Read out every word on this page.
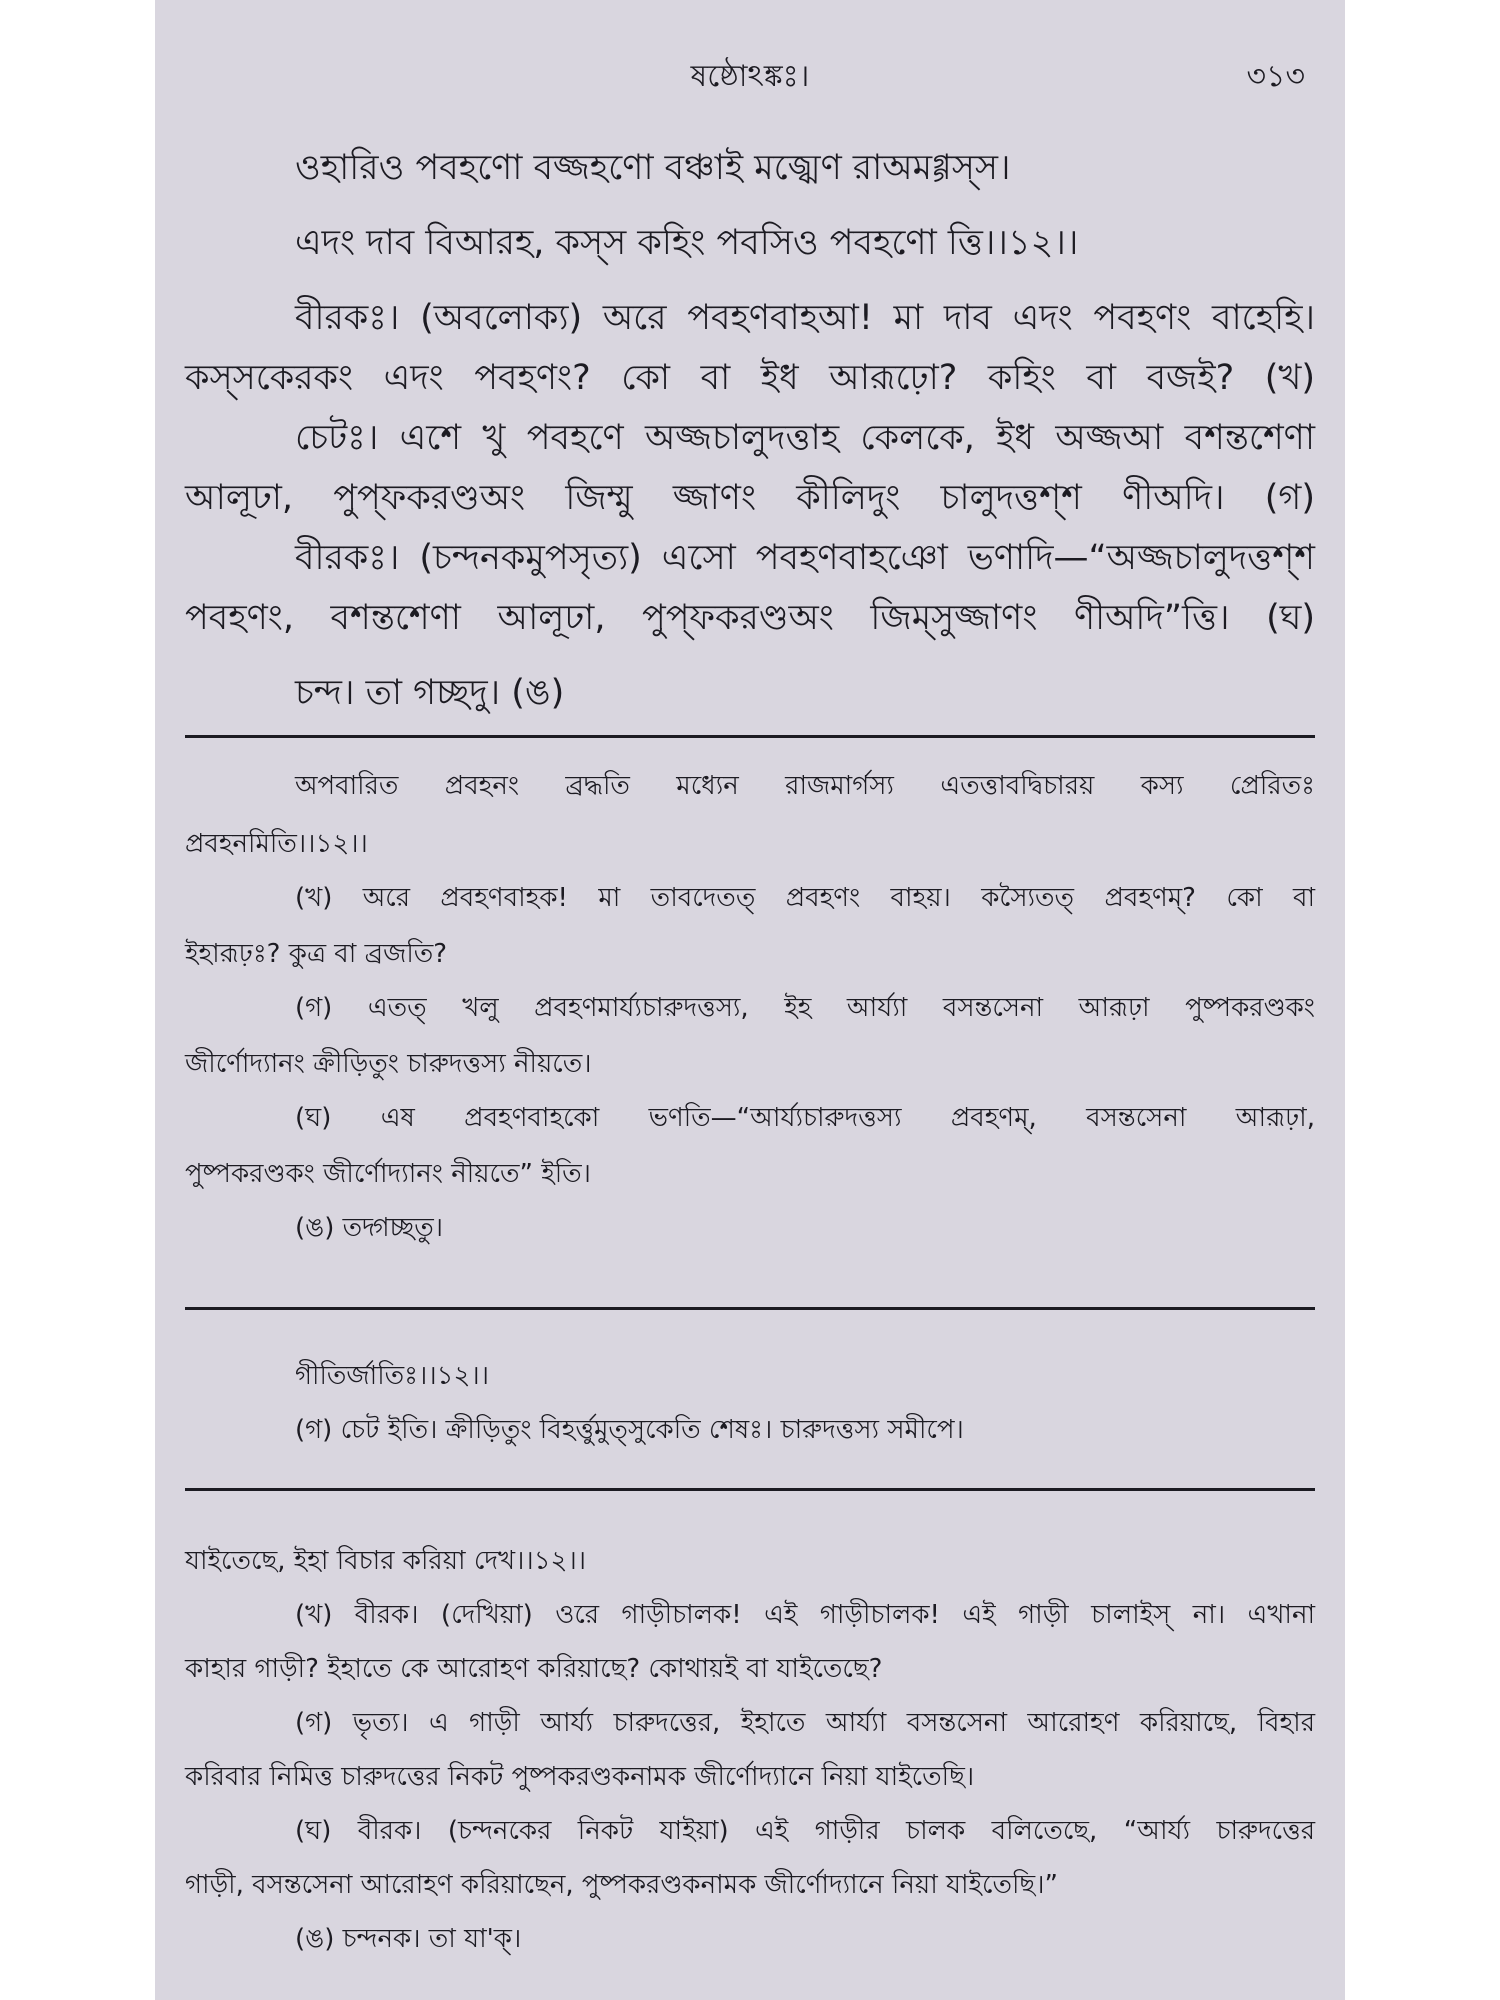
ষষ্ঠোঽঙ্কঃ।	৩১৩
ওহারিও পবহণো বজ্জহণো বঞ্চাই মজ্ঝেণ রাঅমগ্গস্স।
এদং দাব বিআরহ, কস্স কহিং পবসিও পবহণো ত্তি।।১২।।
বীরকঃ। (অবলোক্য) অরে পবহণবাহআ! মা দাব এদং পবহণং বাহেহি।
কস্সকেরকং এদং পবহণং? কো বা ইধ আরূঢ়ো? কহিং বা বজই? (খ)
চেটঃ। এশে খু পবহণে অজ্জচালুদত্তাহ কেলকে, ইধ অজ্জআ বশন্তশেণা
আলূঢা, পুপ্ফকরণ্ডঅং জিম্মু জ্জাণং কীলিদুং চালুদত্তশ্শ ণীঅদি। (গ)
বীরকঃ। (চন্দনকমুপসৃত্য) এসো পবহণবাহঞো ভণাদি—“অজ্জচালুদত্তশ্শ
পবহণং, বশন্তশেণা আলূঢা, পুপ্ফকরণ্ডঅং জিম্সুজ্জাণং ণীঅদি”ত্তি। (ঘ)
চন্দ। তা গচ্ছদু। (ঙ)
অপবারিত প্রবহনং ব্রদ্ধতি মধ্যেন রাজমার্গস্য এতত্তাবদ্বিচারয় কস্য প্রেরিতঃ
প্রবহনমিতি।।১২।।
(খ) অরে প্রবহণবাহক! মা তাবদেতত্ প্রবহণং বাহয়। কস্যৈতত্ প্রবহণম্? কো বা
ইহারূঢ়ঃ? কুত্র বা ব্রজতি?
(গ) এতত্ খলু প্রবহণমার্য্যচারুদত্তস্য, ইহ আর্য্যা বসন্তসেনা আরূঢ়া পুষ্পকরণ্ডকং
জীর্ণোদ্যানং ক্রীড়িতুং চারুদত্তস্য নীয়তে।
(ঘ) এষ প্রবহণবাহকো ভণতি—“আর্য্যচারুদত্তস্য প্রবহণম্, বসন্তসেনা আরূঢ়া,
পুষ্পকরণ্ডকং জীর্ণোদ্যানং নীয়তে” ইতি।
(ঙ) তদ্গচ্ছতু।
গীতির্জাতিঃ।।১২।।
(গ) চেট ইতি। ক্রীড়িতুং বিহর্ত্তুমুত্সুকেতি শেষঃ। চারুদত্তস্য সমীপে।
যাইতেছে, ইহা বিচার করিয়া দেখ।।১২।।
(খ) বীরক। (দেখিয়া) ওরে গাড়ীচালক! এই গাড়ীচালক! এই গাড়ী চালাইস্ না। এখানা
কাহার গাড়ী? ইহাতে কে আরোহণ করিয়াছে? কোথায়ই বা যাইতেছে?
(গ) ভৃত্য। এ গাড়ী আর্য্য চারুদত্তের, ইহাতে আর্য্যা বসন্তসেনা আরোহণ করিয়াছে, বিহার
করিবার নিমিত্ত চারুদত্তের নিকট পুষ্পকরণ্ডকনামক জীর্ণোদ্যানে নিয়া যাইতেছি।
(ঘ) বীরক। (চন্দনকের নিকট যাইয়া) এই গাড়ীর চালক বলিতেছে, “আর্য্য চারুদত্তের
গাড়ী, বসন্তসেনা আরোহণ করিয়াছেন, পুষ্পকরণ্ডকনামক জীর্ণোদ্যানে নিয়া যাইতেছি।”
(ঙ) চন্দনক। তা যা'ক্।
